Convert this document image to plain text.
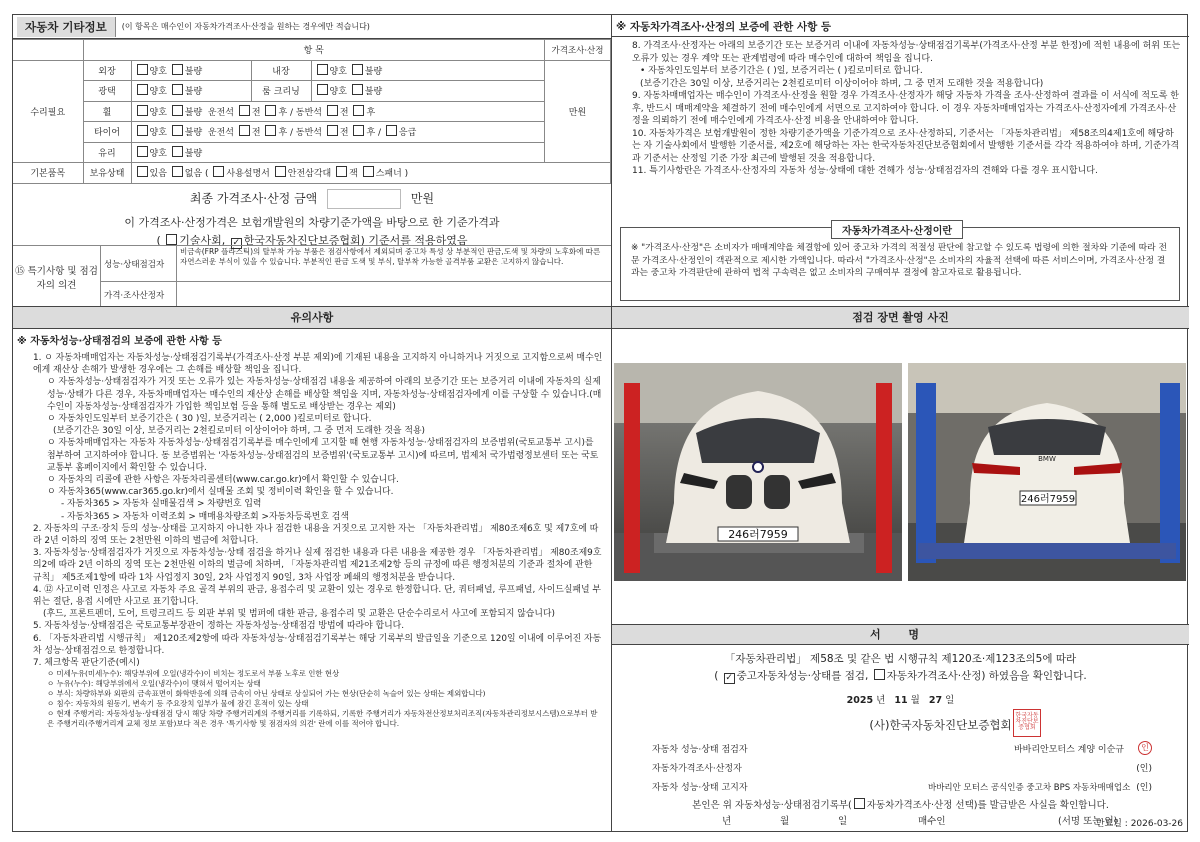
자동차 기타정보	(이 항목은 매수인이 자동차가격조사·산정을 원하는 경우에만 적습니다)
	항 목				가격조사·산정
수리필요	외장	양호 불량	내장	양호 불량	만원
	광택	양호 불량	룸 크리닝	양호 불량	
	휠	양호 불량 운전석 전 후 / 동반석 전 후			
	타이어	양호 불량 운전석 전 후 / 동반석 전 후 / 응급			
	유리	양호 불량			
기본품목	보유상태	있음 없음 ( 사용설명서 안전삼각대 잭 스패너 )			
최종 가격조사·산정 금액	만원
이 가격조사·산정가격은 보험개발원의 차량기준가액을 바탕으로 한 기준가격과
( 기술사회, ✓ 한국자동차진단보증협회) 기준서를 적용하였음
⑮ 특기사항 및 점검자의 의견
성능·상태점검자
비금속(FRP 플라스틱)의 탈부착 가능 부품은 점검사항에서 제외되며 중고차 특성 상 부분적인 판금,도색 및 차량의 노후화에 따른 자연스러운 부식이 있을 수 있습니다. 부분적인 판금 도색 및 부식, 탈부착 가능한 골격부품 교환은 고지하지 않습니다.
가격·조사산정자
※ 자동차가격조사·산정의 보증에 관한 사항 등
8. 가격조사·산정자는 아래의 보증기간 또는 보증거리 이내에 자동차성능·상태점검기록부(가격조사·산정 부분 한정)에 적힌 내용에 허위 또는 오류가 있는 경우 계약 또는 관계법령에 따라 매수인에 대하여 책임을 집니다.
• 자동차인도일부터 보증기간은 ( )일, 보증거리는 ( )킬로미터로 합니다.
(보증기간은 30일 이상, 보증거리는 2천킬로미터 이상이어야 하며, 그 중 먼저 도래한 것을 적용합니다)
9. 자동차매매업자는 매수인이 가격조사·산정을 원할 경우 가격조사·산정자가 해당 자동차 가격을 조사·산정하여 결과를 이 서식에 적도록 한 후, 반드시 매매계약을 체결하기 전에 매수인에게 서면으로 고지하여야 합니다. 이 경우 자동차매매업자는 가격조사·산정자에게 가격조사·산정을 의뢰하기 전에 매수인에게 가격조사·산정 비용을 안내하여야 합니다.
10. 자동차가격은 보험개발원이 정한 차량기준가액을 기준가격으로 조사·산정하되, 기준서는 「자동차관리법」 제58조의4제1호에 해당하는 자 기술사회에서 발행한 기준서를, 제2호에 해당하는 자는 한국자동차진단보증협회에서 발행한 기준서를 각각 적용하여야 하며, 기준가격과 기준서는 산정일 기준 가장 최근에 발행된 것을 적용합니다.
11. 특기사항란은 가격조사·산정자의 자동차 성능·상태에 대한 견해가 성능·상태점검자의 견해와 다를 경우 표시합니다.
자동차가격조사·산정이란
※ "가격조사·산정"은 소비자가 매매계약을 체결함에 있어 중고차 가격의 적절성 판단에 참고할 수 있도록 법령에 의한 절차와 기준에 따라 전문 가격조사·산정인이 객관적으로 제시한 가액입니다. 따라서 "가격조사·산정"은 소비자의 자율적 선택에 따른 서비스이며, 가격조사·산정 결과는 중고차 가격판단에 관하여 법적 구속력은 없고 소비자의 구매여부 결정에 참고자료로 활용됩니다.
유의사항
※ 자동차성능·상태점검의 보증에 관한 사항 등
1. ㅇ 자동차매매업자는 자동차성능·상태점검기록부(가격조사·산정 부분 제외)에 기재된 내용을 고지하지 아니하거나 거짓으로 고지함으로써 매수인에게 재산상 손해가 발생한 경우에는 그 손해를 배상할 책임을 집니다.
ㅇ 자동차성능·상태점검자가 거짓 또는 오류가 있는 자동차성능·상태점검 내용을 제공하여 아래의 보증기간 또는 보증거리 이내에 자동차의 실제 성능·상태가 다른 경우, 자동차매매업자는 매수인의 재산상 손해를 배상할 책임을 지며, 자동차성능·상태점검자에게 이를 구상할 수 있습니다.(매수인이 자동차성능·상태점검자가 가입한 책임보험 등을 통해 별도로 배상받는 경우는 제외)
ㅇ 자동차인도일부터 보증기간은 ( 30 )일, 보증거리는 ( 2,000 )킬로미터로 합니다.
(보증기간은 30일 이상, 보증거리는 2천킬로미터 이상이어야 하며, 그 중 먼저 도래한 것을 적용)
ㅇ 자동차매매업자는 자동차 자동차성능·상태점검기록부를 매수인에게 고지할 때 현행 자동차성능·상태점검자의 보증범위(국토교통부 고시)를 첨부하여 고지하여야 합니다. 동 보증범위는 '자동차성능·상태점검의 보증범위'(국토교통부 고시)에 따르며, 법제처 국가법령정보센터 또는 국토교통부 홈페이지에서 확인할 수 있습니다.
ㅇ 자동차의 리콜에 관한 사항은 자동차리콜센터(www.car.go.kr)에서 확인할 수 있습니다.
ㅇ 자동차365(www.car365.go.kr)에서 실매물 조회 및 정비이력 확인을 할 수 있습니다.
- 자동차365 > 자동차 실매물검색 > 차량번호 입력
- 자동차365 > 자동차 이력조회 > 매매용차량조회 >자동차등록번호 검색
2. 자동차의 구조·장치 등의 성능·상태를 고지하지 아니한 자나 점검한 내용을 거짓으로 고지한 자는 「자동차관리법」 제80조제6호 및 제7호에 따라 2년 이하의 징역 또는 2천만원 이하의 벌금에 처합니다.
3. 자동차성능·상태점검자가 거짓으로 자동차성능·상태 점검을 하거나 실제 점검한 내용과 다른 내용을 제공한 경우 「자동차관리법」 제80조제9호의2에 따라 2년 이하의 징역 또는 2천만원 이하의 벌금에 처하며, 「자동차관리법 제21조제2항 등의 규정에 따른 행정처분의 기준과 절차에 관한 규칙」 제5조제1항에 따라 1차 사업정지 30일, 2차 사업정지 90일, 3차 사업장 폐쇄의 행정처분을 받습니다.
4. ⑫ 사고이력 인정은 사고로 자동차 주요 골격 부위의 판금, 용접수리 및 교환이 있는 경우로 한정합니다. 단, 쿼터패널, 루프패널, 사이드실패널 부위는 절단, 용접 시에만 사고로 표기합니다.
(후드, 프론트펜더, 도어, 트렁크리드 등 외판 부위 및 범퍼에 대한 판금, 용접수리 및 교환은 단순수리로서 사고에 포함되지 않습니다)
5. 자동차성능·상태점검은 국토교통부장관이 정하는 자동차성능·상태점검 방법에 따라야 합니다.
6. 「자동차관리법 시행규칙」 제120조제2항에 따라 자동차성능·상태점검기록부는 해당 기록부의 발급일을 기준으로 120일 이내에 이루어진 자동차 성능·상태점검으로 한정합니다.
7. 체크항목 판단기준(예시)
ㅇ 미세누유(미세누수): 해당부위에 오일(냉각수)이 비치는 정도로서 부품 노후로 인한 현상
ㅇ 누유(누수): 해당부위에서 오일(냉각수)이 맺혀서 떨어지는 상태
ㅇ 부식: 차량하부와 외판의 금속표면이 화학반응에 의해 금속이 아닌 상태로 상실되어 가는 현상(단순히 녹슬어 있는 상태는 제외합니다)
ㅇ 침수: 자동차의 원동기, 변속기 등 주요장치 일부가 물에 잠긴 흔적이 있는 상태
ㅇ 현재 주행거리: 자동차성능·상태점검 당시 해당 차량 주행거리계의 주행거리를 기록하되, 기록한 주행거리가 자동차전산정보처리조직(자동차관리정보시스템)으로부터 받은 주행거리(주행거리계 교체 정보 포함)보다 적은 경우 '특기사항 및 점검자의 의견' 란에 이를 적어야 합니다.
점검 장면 촬영 사진
246러7959
246러7959
BMW
서 명
「자동차관리법」 제58조 및 같은 법 시행규칙 제120조·제123조의5에 따라
( ✓ 중고자동차성능·상태를 점검, 자동차가격조사·산정) 하였음을 확인합니다.
2025 년 11 월 27 일
(사)한국자동차진단보증협회
한국자동차진단보증협회
자동차 성능·상태 점검자	바바리안모터스 계양 이순규	인
자동차가격조사·산정자	(인)
자동차 성능·상태 고지자	바바리안 모터스 공식인증 중고차 BPS 자동차매매업소 (인)
본인은 위 자동차성능·상태점검기록부( 자동차가격조사·산정 선택)를 발급받은 사실을 확인합니다.
년	월	일	매수인	(서명 또는 인)
만료일 : 2026-03-26
